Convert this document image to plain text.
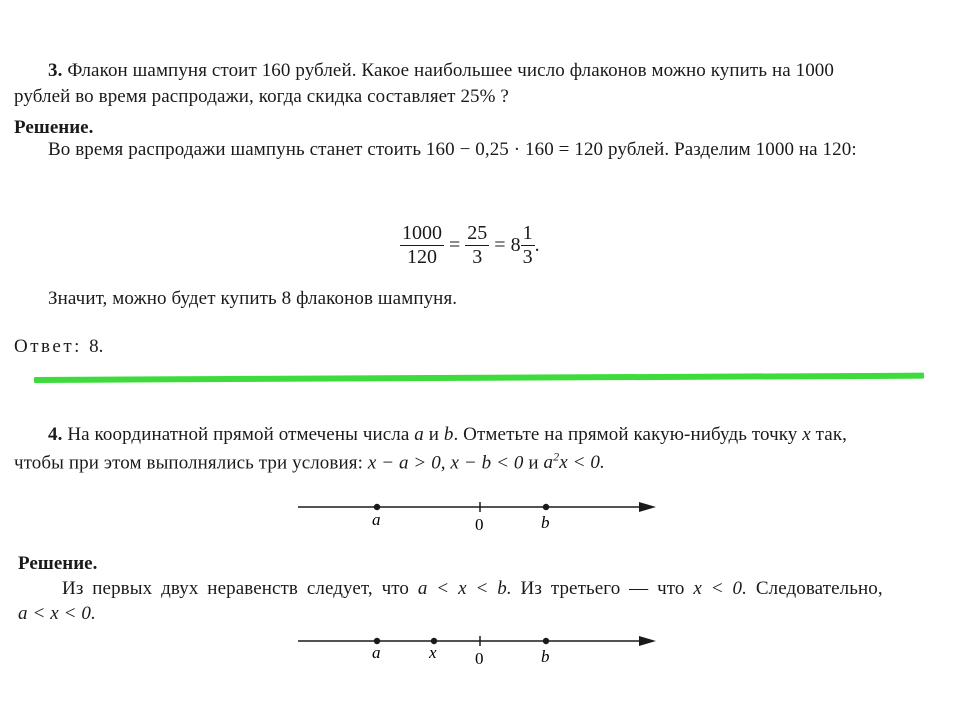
3. Флакон шампуня стоит 160 рублей. Какое наибольшее число флаконов можно купить на 1000
рублей во время распродажи, когда скидка составляет 25% ?
Решение.
Во время распродажи шампунь станет стоить 160 − 0,25 · 160 = 120 рублей. Разделим 1000 на 120:
$\frac{1000}{120} = \frac{25}{3} = 8 \frac{1}{3}$ .
Значит, можно будет купить 8 флаконов шампуня.
Ответ: 8.
4. На координатной прямой отмечены числа a и b. Отметьте на прямой какую-нибудь точку x так,
чтобы при этом выполнялись три условия: x − a > 0, x − b < 0 и $a^2x < 0$.
a	0	b
Решение.
Из первых двух неравенств следует, что a < x < b. Из третьего — что x < 0. Следовательно,
a < x < 0.
a	x 0	b
